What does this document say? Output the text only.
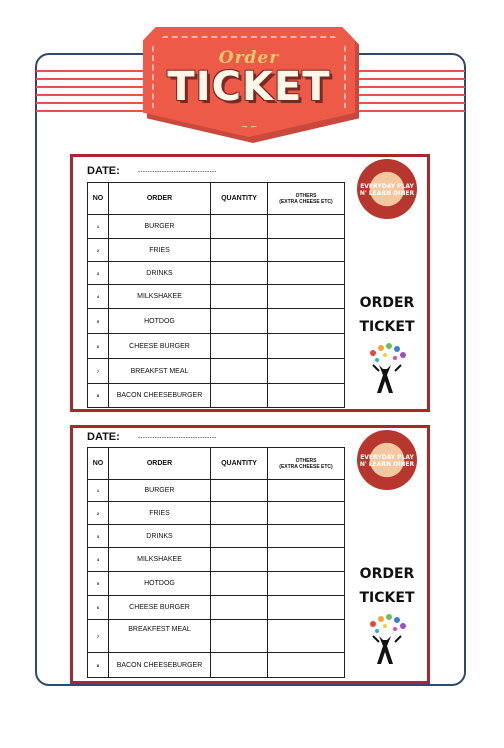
Order
TICKET
DATE: ..............................................
NO	ORDER	QUANTITY	OTHERS
(EXTRA CHEESE ETC)
1	BURGER		
2	FRIES		
3	DRINKS		
4	MILKSHAKEE		
5	HOTDOG		
6	CHEESE BURGER		
7	BREAKFST MEAL		
8	BACON CHEESEBURGER		
EVERYDAY PLAY N' LEARN DINER
ORDER
TICKET
DATE: ..............................................
NO	ORDER	QUANTITY	OTHERS
(EXTRA CHEESE ETC)
1	BURGER		
2	FRIES		
3	DRINKS		
4	MILKSHAKEE		
5	HOTDOG		
6	CHEESE BURGER		
7	BREAKFEST MEAL		
8	BACON CHEESEBURGER		
EVERYDAY PLAY N' LEARN DINER
ORDER
TICKET
